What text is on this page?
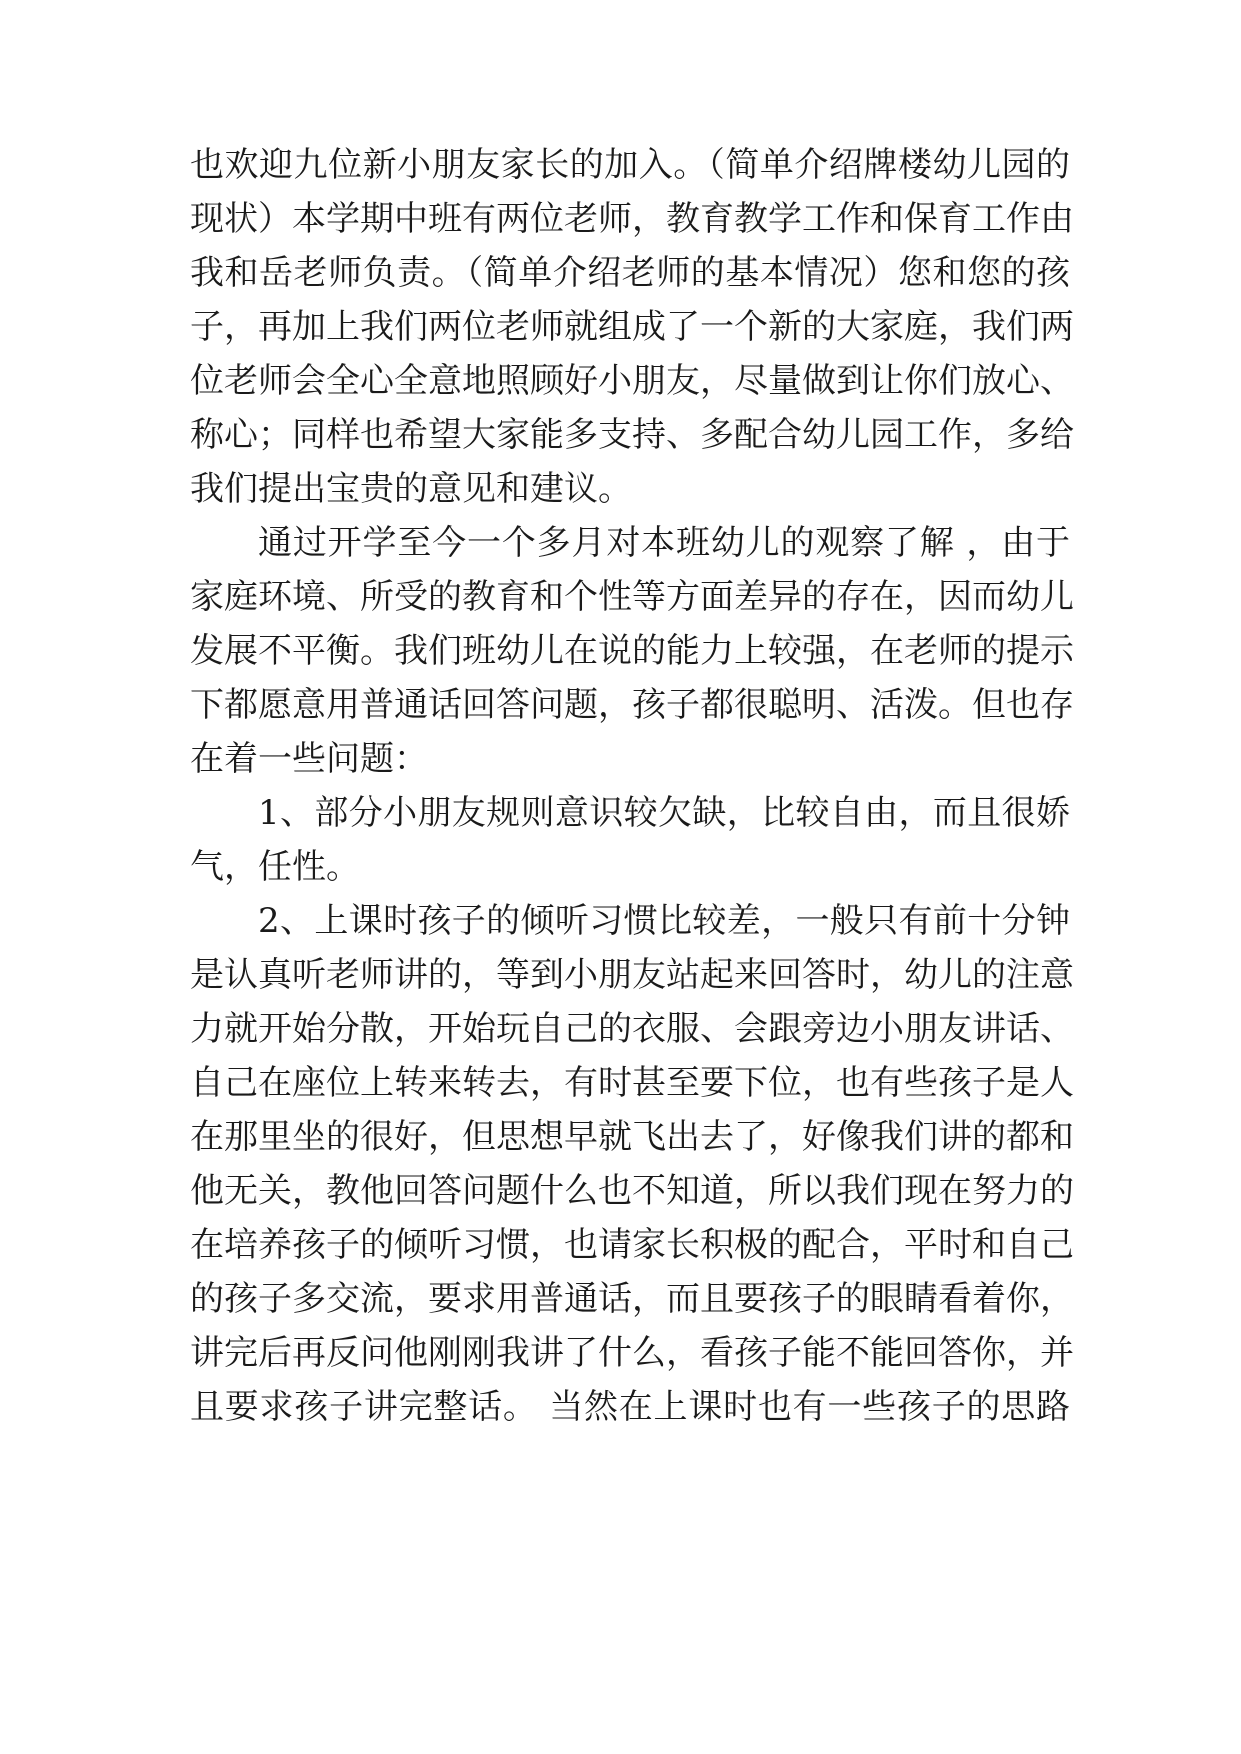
也欢迎九位新小朋友家长的加入。（简单介绍牌楼幼儿园的
现状）本学期中班有两位老师，教育教学工作和保育工作由
我和岳老师负责。（简单介绍老师的基本情况）您和您的孩
子，再加上我们两位老师就组成了一个新的大家庭，我们两
位老师会全心全意地照顾好小朋友，尽量做到让你们放心、
称心；同样也希望大家能多支持、多配合幼儿园工作，多给
我们提出宝贵的意见和建议。
通过开学至今一个多月对本班幼儿的观察了解 ，由于
家庭环境、所受的教育和个性等方面差异的存在，因而幼儿
发展不平衡。我们班幼儿在说的能力上较强，在老师的提示
下都愿意用普通话回答问题，孩子都很聪明、活泼。但也存
在着一些问题：
1、部分小朋友规则意识较欠缺，比较自由，而且很娇
气，任性。
2、上课时孩子的倾听习惯比较差，一般只有前十分钟
是认真听老师讲的，等到小朋友站起来回答时，幼儿的注意
力就开始分散，开始玩自己的衣服、会跟旁边小朋友讲话、
自己在座位上转来转去，有时甚至要下位，也有些孩子是人
在那里坐的很好，但思想早就飞出去了，好像我们讲的都和
他无关，教他回答问题什么也不知道，所以我们现在努力的
在培养孩子的倾听习惯，也请家长积极的配合，平时和自己
的孩子多交流，要求用普通话，而且要孩子的眼睛看着你，
讲完后再反问他刚刚我讲了什么，看孩子能不能回答你，并
且要求孩子讲完整话。 当然在上课时也有一些孩子的思路
